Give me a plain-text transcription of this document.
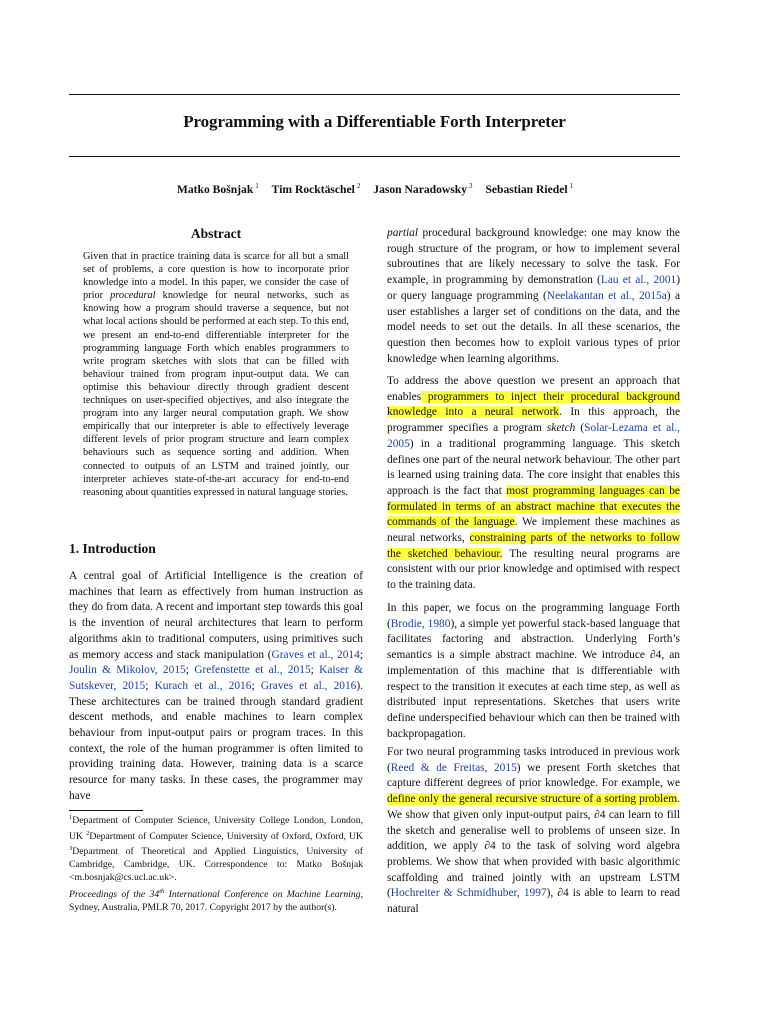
Programming with a Differentiable Forth Interpreter
Matko Bošnjak $^1$ Tim Rocktäschel $^2$ Jason Naradowsky $^3$ Sebastian Riedel $^1$
Abstract

Given that in practice training data is scarce for all but a small set of problems, a core question is how to incorporate prior knowledge into a model. In this paper, we consider the case of prior procedural knowledge for neural networks, such as knowing how a program should traverse a sequence, but not what local actions should be performed at each step. To this end, we present an end-to-end differentiable interpreter for the programming language Forth which enables programmers to write program sketches with slots that can be filled with behaviour trained from program input-output data. We can optimise this behaviour directly through gradient descent techniques on user-specified objectives, and also integrate the program into any larger neural computation graph. We show empirically that our interpreter is able to effectively leverage different levels of prior program structure and learn complex behaviours such as sequence sorting and addition. When connected to outputs of an LSTM and trained jointly, our interpreter achieves state-of-the-art accuracy for end-to-end reasoning about quantities expressed in natural language stories.

1. Introduction

A central goal of Artificial Intelligence is the creation of machines that learn as effectively from human instruction as they do from data. A recent and important step towards this goal is the invention of neural architectures that learn to perform algorithms akin to traditional computers, using primitives such as memory access and stack manipulation (Graves et al., 2014; Joulin & Mikolov, 2015; Grefenstette et al., 2015; Kaiser & Sutskever, 2015; Kurach et al., 2016; Graves et al., 2016). These architectures can be trained through standard gradient descent methods, and enable machines to learn complex behaviour from input-output pairs or program traces. In this context, the role of the human programmer is often limited to providing training data. However, training data is a scarce resource for many tasks. In these cases, the programmer may have

$^1$Department of Computer Science, University College London, London, UK $^2$Department of Computer Science, University of Oxford, Oxford, UK $^3$Department of Theoretical and Applied Linguistics, University of Cambridge, Cambridge, UK. Correspondence to: Matko Bošnjak <m.bosnjak@cs.ucl.ac.uk>.

Proceedings of the 34th International Conference on Machine Learning, Sydney, Australia, PMLR 70, 2017. Copyright 2017 by the author(s).

partial procedural background knowledge: one may know the rough structure of the program, or how to implement several subroutines that are likely necessary to solve the task. For example, in programming by demonstration (Lau et al., 2001) or query language programming (Neelakantan et al., 2015a) a user establishes a larger set of conditions on the data, and the model needs to set out the details. In all these scenarios, the question then becomes how to exploit various types of prior knowledge when learning algorithms.

To address the above question we present an approach that enables programmers to inject their procedural background knowledge into a neural network. In this approach, the programmer specifies a program sketch (Solar-Lezama et al., 2005) in a traditional programming language. This sketch defines one part of the neural network behaviour. The other part is learned using training data. The core insight that enables this approach is the fact that most programming languages can be formulated in terms of an abstract machine that executes the commands of the language. We implement these machines as neural networks, constraining parts of the networks to follow the sketched behaviour. The resulting neural programs are consistent with our prior knowledge and optimised with respect to the training data.

In this paper, we focus on the programming language Forth (Brodie, 1980), a simple yet powerful stack-based language that facilitates factoring and abstraction. Underlying Forth’s semantics is a simple abstract machine. We introduce ∂4, an implementation of this machine that is differentiable with respect to the transition it executes at each time step, as well as distributed input representations. Sketches that users write define underspecified behaviour which can then be trained with backpropagation.

For two neural programming tasks introduced in previous work (Reed & de Freitas, 2015) we present Forth sketches that capture different degrees of prior knowledge. For example, we define only the general recursive structure of a sorting problem. We show that given only input-output pairs, ∂4 can learn to fill the sketch and generalise well to problems of unseen size. In addition, we apply ∂4 to the task of solving word algebra problems. We show that when provided with basic algorithmic scaffolding and trained jointly with an upstream LSTM (Hochreiter & Schmidhuber, 1997), ∂4 is able to learn to read natural
